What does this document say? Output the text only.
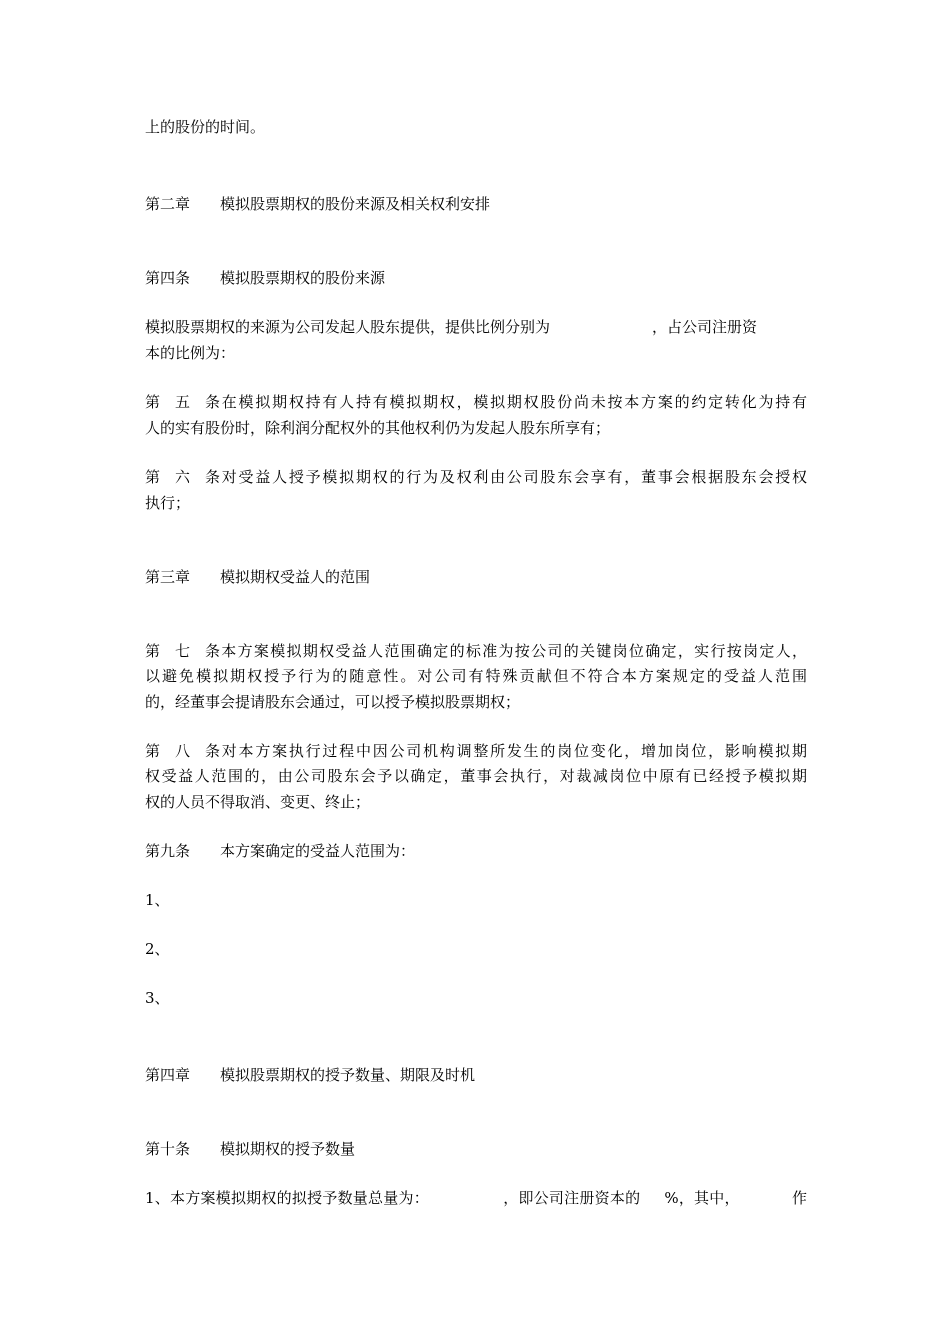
上的股份的时间。
第二章 模拟股票期权的股份来源及相关权利安排
第四条 模拟股票期权的股份来源
模拟股票期权的来源为公司发起人股东提供，提供比例分别为	，占公司注册资
本的比例为：
第五条在模拟期权持有人持有模拟期权，模拟期权股份尚未按本方案的约定转化为持有
人的实有股份时，除利润分配权外的其他权利仍为发起人股东所享有；
第六条对受益人授予模拟期权的行为及权利由公司股东会享有，董事会根据股东会授权
执行；
第三章 模拟期权受益人的范围
第七条本方案模拟期权受益人范围确定的标准为按公司的关键岗位确定，实行按岗定人，
以避免模拟期权授予行为的随意性。对公司有特殊贡献但不符合本方案规定的受益人范围
的，经董事会提请股东会通过，可以授予模拟股票期权；
第八条对本方案执行过程中因公司机构调整所发生的岗位变化，增加岗位，影响模拟期
权受益人范围的，由公司股东会予以确定，董事会执行，对裁减岗位中原有已经授予模拟期
权的人员不得取消、变更、终止；
第九条 本方案确定的受益人范围为：
1、
2、
3、
第四章 模拟股票期权的授予数量、期限及时机
第十条 模拟期权的授予数量
1、本方案模拟期权的拟授予数量总量为：	，即公司注册资本的 %，其中，	作
